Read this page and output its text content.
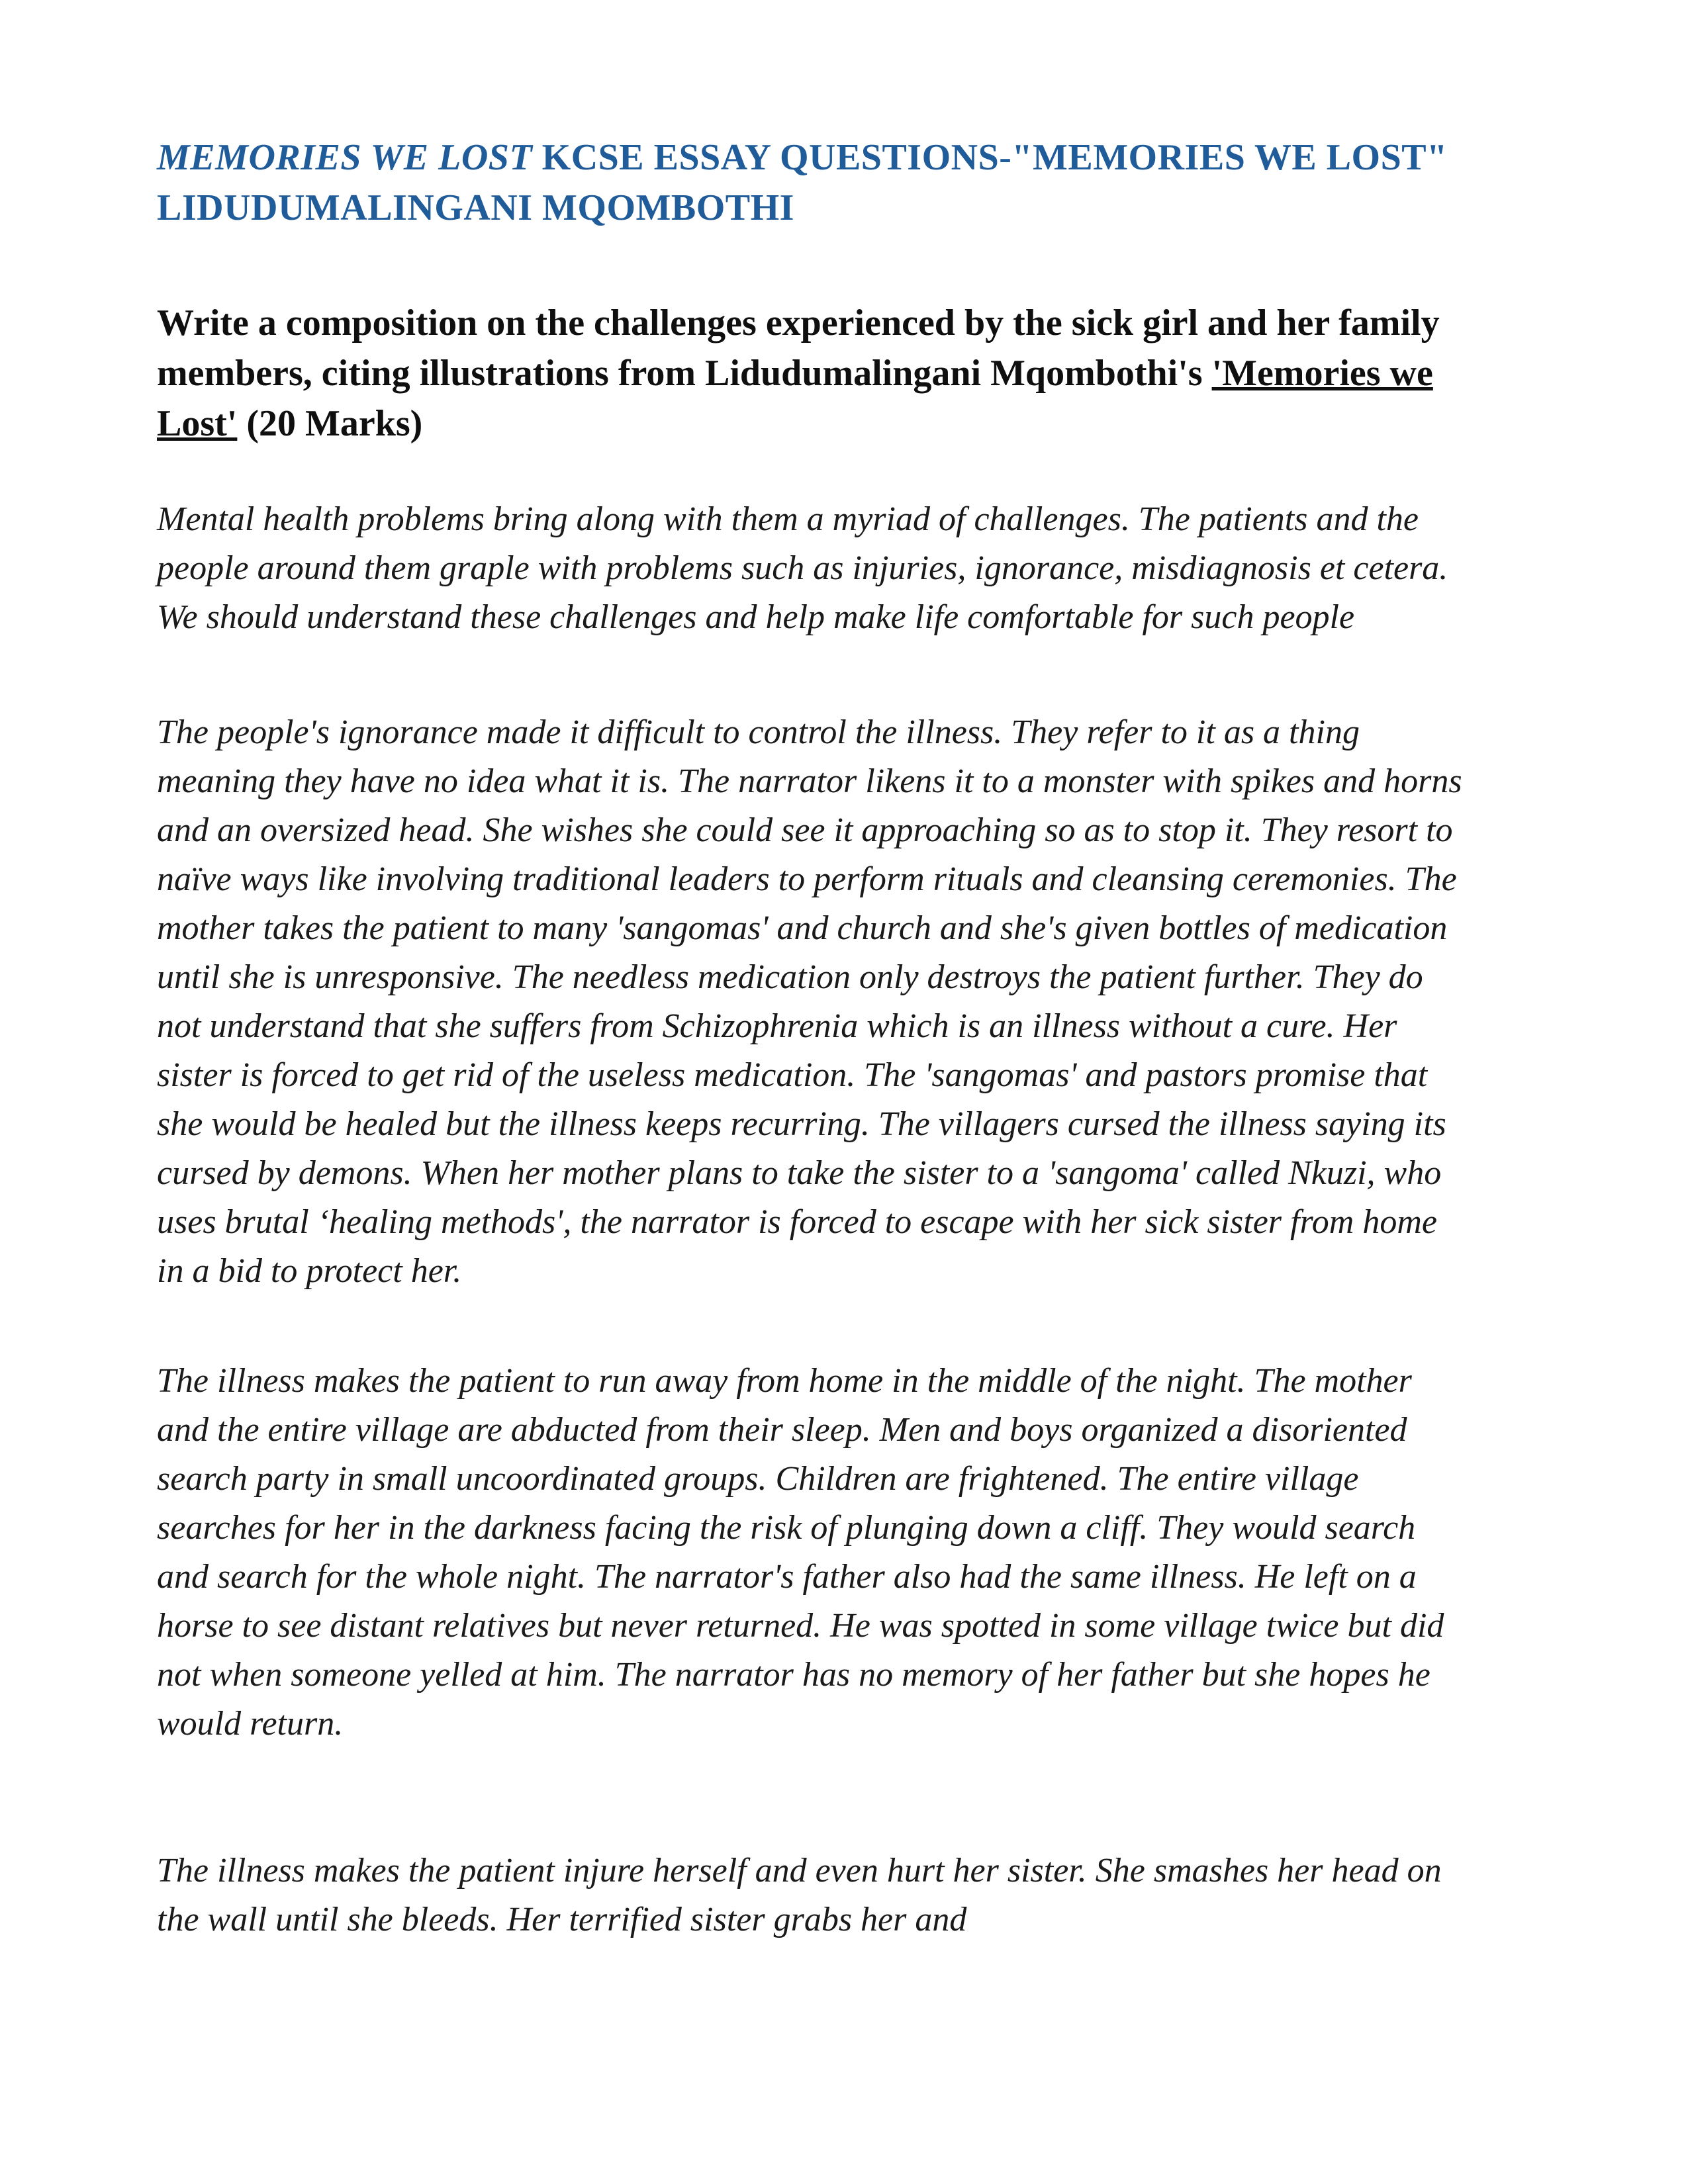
MEMORIES WE LOST KCSE ESSAY QUESTIONS-"MEMORIES WE LOST" LIDUDUMALINGANI MQOMBOTHI

Write a composition on the challenges experienced by the sick girl and her family members, citing illustrations from Lidudumalingani Mqombothi's 'Memories we Lost' (20 Marks)

Mental health problems bring along with them a myriad of challenges. The patients and the people around them graple with problems such as injuries, ignorance, misdiagnosis et cetera. We should understand these challenges and help make life comfortable for such people

The people's ignorance made it difficult to control the illness. They refer to it as a thing meaning they have no idea what it is. The narrator likens it to a monster with spikes and horns and an oversized head. She wishes she could see it approaching so as to stop it. They resort to naïve ways like involving traditional leaders to perform rituals and cleansing ceremonies. The mother takes the patient to many 'sangomas' and church and she's given bottles of medication until she is unresponsive. The needless medication only destroys the patient further. They do not understand that she suffers from Schizophrenia which is an illness without a cure. Her sister is forced to get rid of the useless medication. The 'sangomas' and pastors promise that she would be healed but the illness keeps recurring. The villagers cursed the illness saying its cursed by demons. When her mother plans to take the sister to a 'sangoma' called Nkuzi, who uses brutal ʻhealing methods', the narrator is forced to escape with her sick sister from home in a bid to protect her.

The illness makes the patient to run away from home in the middle of the night. The mother and the entire village are abducted from their sleep. Men and boys organized a disoriented search party in small uncoordinated groups. Children are frightened. The entire village searches for her in the darkness facing the risk of plunging down a cliff. They would search and search for the whole night. The narrator's father also had the same illness. He left on a horse to see distant relatives but never returned. He was spotted in some village twice but did not when someone yelled at him. The narrator has no memory of her father but she hopes he would return.

The illness makes the patient injure herself and even hurt her sister. She smashes her head on the wall until she bleeds. Her terrified sister grabs her and
